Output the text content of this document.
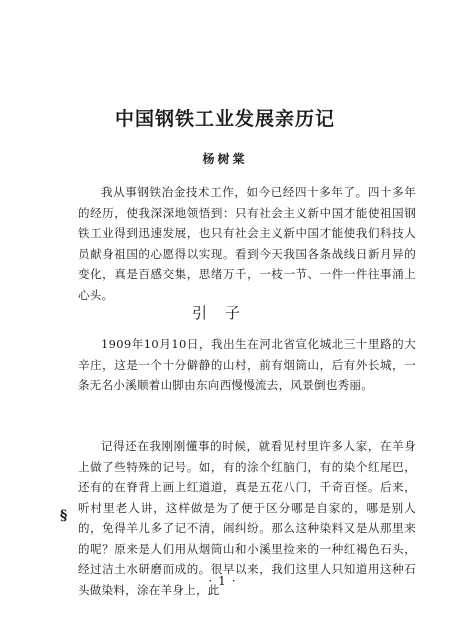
中国钢铁工业发展亲历记
杨树棠
我从事钢铁冶金技术工作，如今已经四十多年了。四十多年的经历，使我深深地领悟到：只有社会主义新中国才能使祖国钢铁工业得到迅速发展，也只有社会主义新中国才能使我们科技人员献身祖国的心愿得以实现。看到今天我国各条战线日新月异的变化，真是百感交集，思绪万千，一枝一节、一件一件往事涌上心头。
引子
1909年10月10日，我出生在河北省宣化城北三十里路的大辛庄，这是一个十分僻静的山村，前有烟筒山，后有外长城，一条无名小溪顺着山脚由东向西慢慢流去，风景倒也秀丽。
记得还在我刚刚懂事的时候，就看见村里许多人家，在羊身上做了些特殊的记号。如，有的涂个红脑门，有的染个红尾巴，还有的在脊背上画上红道道，真是五花八门，千奇百怪。后来，听村里老人讲，这样做是为了便于区分哪是自家的，哪是别人的，免得羊儿多了记不清，闹纠纷。那么这种染料又是从那里来的呢？原来是人们用从烟筒山和小溪里捡来的一种红褐色石头，经过洁土水研磨而成的。很早以来，我们这里人只知道用这种石头做染料，涂在羊身上，此
§
·1·
